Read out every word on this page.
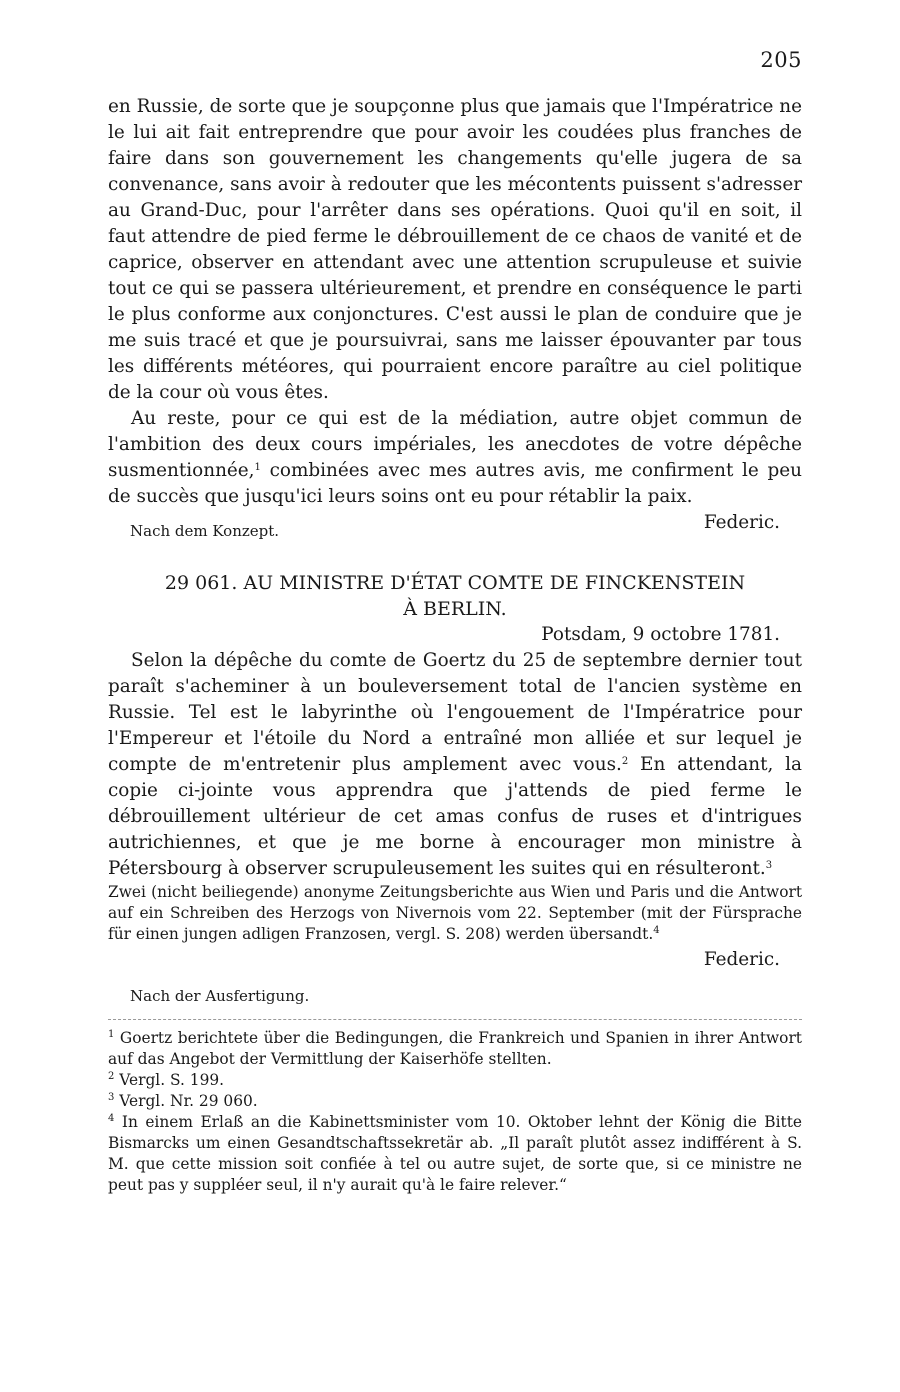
205

en Russie, de sorte que je soupçonne plus que jamais que l'Impératrice ne le lui ait fait entreprendre que pour avoir les coudées plus franches de faire dans son gouvernement les changements qu'elle jugera de sa convenance, sans avoir à redouter que les mécontents puissent s'adresser au Grand-Duc, pour l'arrêter dans ses opérations. Quoi qu'il en soit, il faut attendre de pied ferme le débrouillement de ce chaos de vanité et de caprice, observer en attendant avec une attention scrupuleuse et suivie tout ce qui se passera ultérieurement, et prendre en conséquence le parti le plus conforme aux conjonctures. C'est aussi le plan de conduire que je me suis tracé et que je poursuivrai, sans me laisser épouvanter par tous les différents météores, qui pourraient encore paraître au ciel politique de la cour où vous êtes.

Au reste, pour ce qui est de la médiation, autre objet commun de l'ambition des deux cours impériales, les anecdotes de votre dépêche susmentionnée,$^1$ combinées avec mes autres avis, me confirment le peu de succès que jusqu'ici leurs soins ont eu pour rétablir la paix.

Nach dem Konzept.	Federic.
29 061. AU MINISTRE D'ÉTAT COMTE DE FINCKENSTEIN
À BERLIN.
Potsdam, 9 octobre 1781.

Selon la dépêche du comte de Goertz du 25 de septembre dernier tout paraît s'acheminer à un bouleversement total de l'ancien système en Russie. Tel est le labyrinthe où l'engouement de l'Impératrice pour l'Empereur et l'étoile du Nord a entraîné mon alliée et sur lequel je compte de m'entretenir plus amplement avec vous.$^2$ En attendant, la copie ci-jointe vous apprendra que j'attends de pied ferme le débrouillement ultérieur de cet amas confus de ruses et d'intrigues autrichiennes, et que je me borne à encourager mon ministre à Pétersbourg à observer scrupuleusement les suites qui en résulteront.$^3$

Zwei (nicht beiliegende) anonyme Zeitungsberichte aus Wien und Paris und die Antwort auf ein Schreiben des Herzogs von Nivernois vom 22. September (mit der Fürsprache für einen jungen adligen Franzosen, vergl. S. 208) werden übersandt.$^4$

Federic.
Nach der Ausfertigung.

$^1$ Goertz berichtete über die Bedingungen, die Frankreich und Spanien in ihrer Antwort auf das Angebot der Vermittlung der Kaiserhöfe stellten.

$^2$ Vergl. S. 199.

$^3$ Vergl. Nr. 29 060.

$^4$ In einem Erlaß an die Kabinettsminister vom 10. Oktober lehnt der König die Bitte Bismarcks um einen Gesandtschaftssekretär ab. „Il paraît plutôt assez indifférent à S. M. que cette mission soit confiée à tel ou autre sujet, de sorte que, si ce ministre ne peut pas y suppléer seul, il n'y aurait qu'à le faire relever.“
